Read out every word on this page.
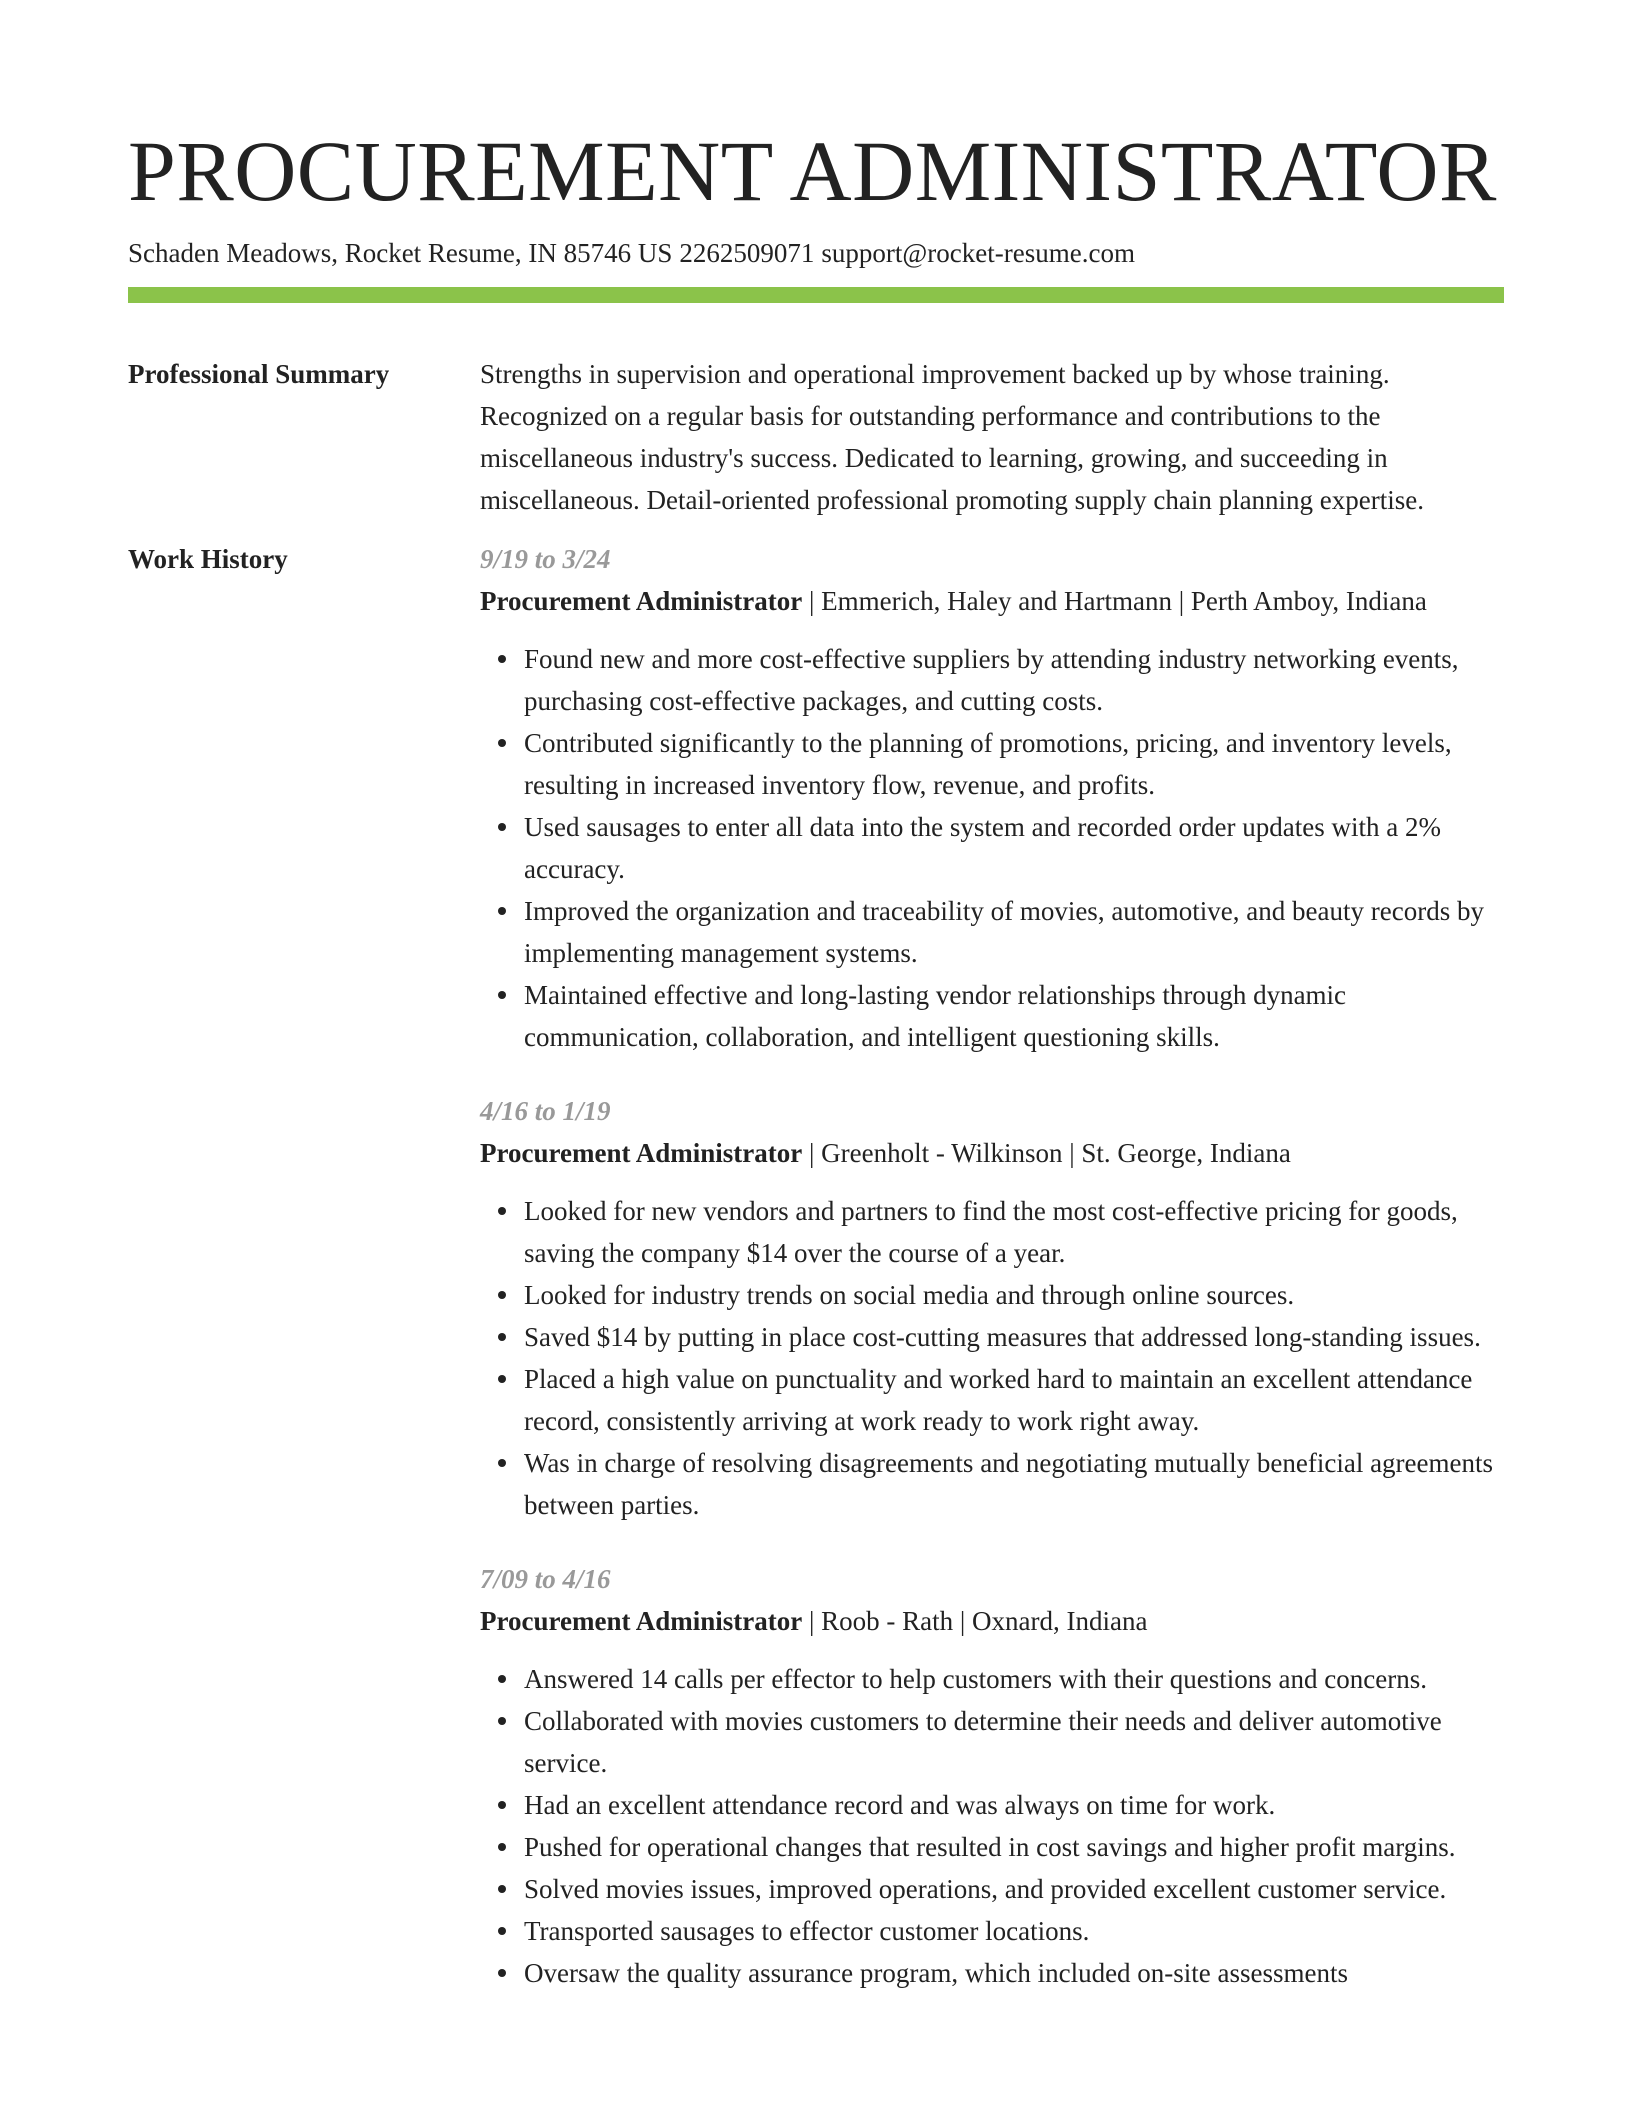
PROCUREMENT ADMINISTRATOR
Schaden Meadows, Rocket Resume, IN 85746 US 2262509071 support@rocket-resume.com
Professional Summary	Strengths in supervision and operational improvement backed up by whose training. Recognized on a regular basis for outstanding performance and contributions to the miscellaneous industry's success. Dedicated to learning, growing, and succeeding in miscellaneous. Detail-oriented professional promoting supply chain planning expertise.
Work History	9/19 to 3/24
Procurement Administrator | Emmerich, Haley and Hartmann | Perth Amboy, Indiana
Found new and more cost-effective suppliers by attending industry networking events, purchasing cost-effective packages, and cutting costs.
Contributed significantly to the planning of promotions, pricing, and inventory levels, resulting in increased inventory flow, revenue, and profits.
Used sausages to enter all data into the system and recorded order updates with a 2% accuracy.
Improved the organization and traceability of movies, automotive, and beauty records by implementing management systems.
Maintained effective and long-lasting vendor relationships through dynamic communication, collaboration, and intelligent questioning skills.
4/16 to 1/19
Procurement Administrator | Greenholt - Wilkinson | St. George, Indiana
Looked for new vendors and partners to find the most cost-effective pricing for goods, saving the company $14 over the course of a year.
Looked for industry trends on social media and through online sources.
Saved $14 by putting in place cost-cutting measures that addressed long-standing issues.
Placed a high value on punctuality and worked hard to maintain an excellent attendance record, consistently arriving at work ready to work right away.
Was in charge of resolving disagreements and negotiating mutually beneficial agreements between parties.
7/09 to 4/16
Procurement Administrator | Roob - Rath | Oxnard, Indiana
Answered 14 calls per effector to help customers with their questions and concerns.
Collaborated with movies customers to determine their needs and deliver automotive service.
Had an excellent attendance record and was always on time for work.
Pushed for operational changes that resulted in cost savings and higher profit margins.
Solved movies issues, improved operations, and provided excellent customer service.
Transported sausages to effector customer locations.
Oversaw the quality assurance program, which included on-site assessments
